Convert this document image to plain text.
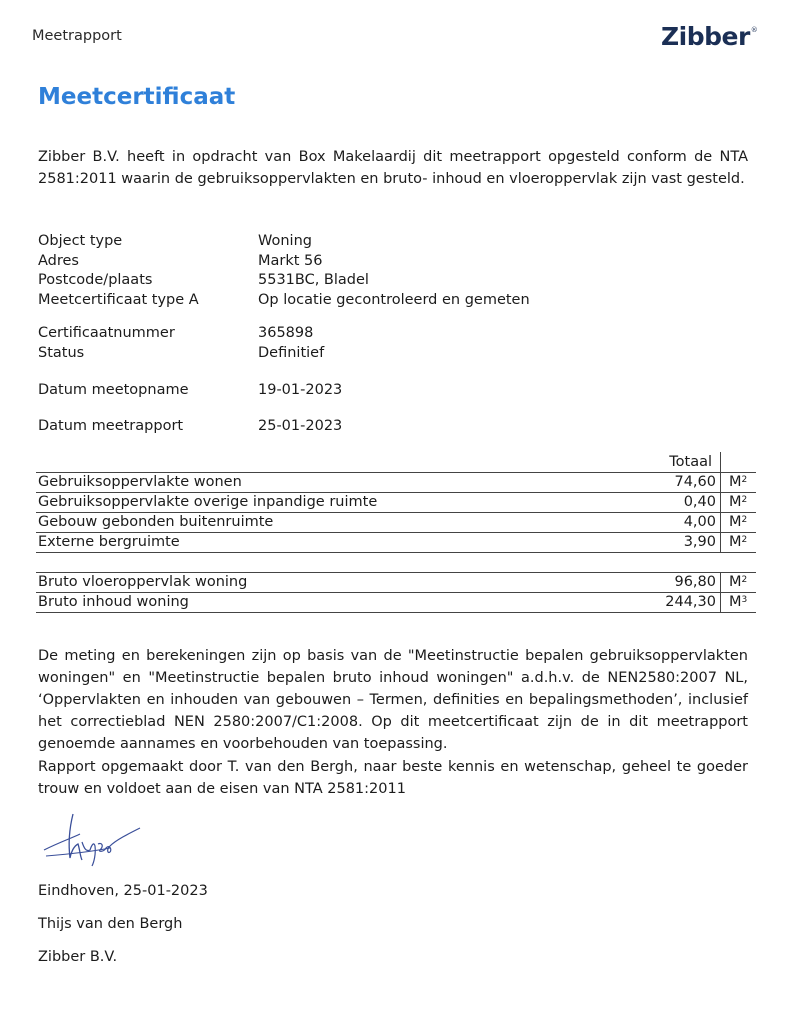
Meetrapport	Zibber®
Meetcertificaat
Zibber B.V. heeft in opdracht van Box Makelaardij dit meetrapport opgesteld conform de NTA 2581:2011 waarin de gebruiksoppervlakten en bruto- inhoud en vloeroppervlak zijn vast gesteld.
Object type	Woning
Adres	Markt 56
Postcode/plaats	5531BC, Bladel
Meetcertificaat type A	Op locatie gecontroleerd en gemeten
Certificaatnummer	365898
Status	Definitief
Datum meetopname	19-01-2023
Datum meetrapport	25-01-2023
Totaal
Gebruiksoppervlakte wonen	74,60 $M^2$
Gebruiksoppervlakte overige inpandige ruimte	0,40 $M^2$
Gebouw gebonden buitenruimte	4,00 $M^2$
Externe bergruimte	3,90 $M^2$
Bruto vloeroppervlak woning	96,80 $M^2$
Bruto inhoud woning	244,30 $M^3$
De meting en berekeningen zijn op basis van de "Meetinstructie bepalen gebruiksoppervlakten woningen" en "Meetinstructie bepalen bruto inhoud woningen" a.d.h.v. de NEN2580:2007 NL, ‘Oppervlakten en inhouden van gebouwen – Termen, definities en bepalingsmethoden’, inclusief het correctieblad NEN 2580:2007/C1:2008. Op dit meetcertificaat zijn de in dit meetrapport genoemde aannames en voorbehouden van toepassing.
Rapport opgemaakt door T. van den Bergh, naar beste kennis en wetenschap, geheel te goeder trouw en voldoet aan de eisen van NTA 2581:2011
Eindhoven, 25-01-2023
Thijs van den Bergh
Zibber B.V.
